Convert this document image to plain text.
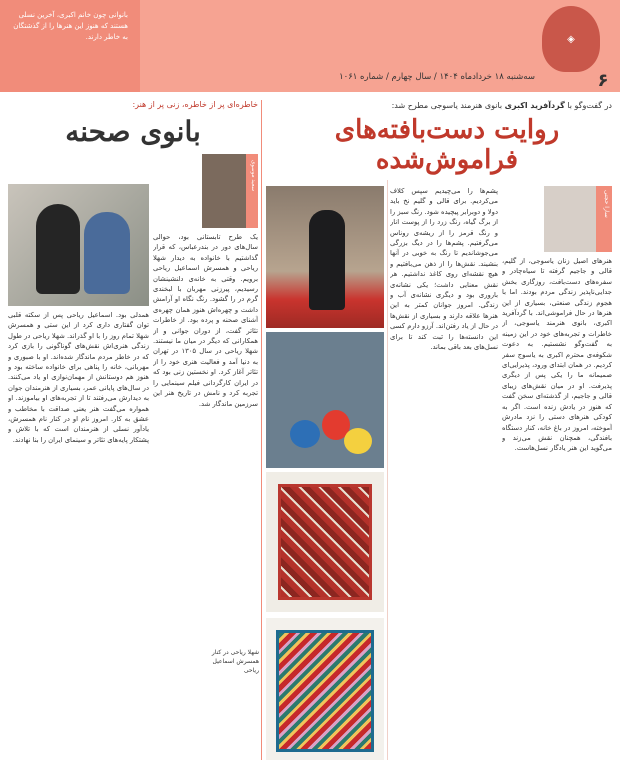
بانوانی چون خانم اکبری، آخرین نسلی هستند که هنوز این هنرها را از گذشتگان به خاطر دارند.	◈
۶
سه‌شنبه ۱۸ خردادماه ۱۴۰۴ / سال چهارم / شماره ۱۰۶۱
در گفت‌وگو با گردآفرید اکبری بانوی هنرمند یاسوجی مطرح شد:
روایت دست‌بافته‌های فراموش‌شده
سارا حجتی
هنرهای اصیل زنان یاسوجی، از گلیم، قالی و جاجیم گرفته تا سیاه‌چادر و سفره‌های دست‌بافت، روزگاری بخش جدایی‌ناپذیر زندگی مردم بودند. اما با هجوم زندگی صنعتی، بسیاری از این هنرها در حال فراموشی‌اند. با گردآفرید اکبری، بانوی هنرمند یاسوجی، از خاطرات و تجربه‌های خود در این زمینه به گفت‌وگو نشستیم. به دعوت شکوفه‌ی محترم اکبری به یاسوج سفر کردیم. در همان ابتدای ورود، پذیرایی‌ای صمیمانه ما را یکی پس از دیگری پذیرفت. او در میان نقش‌های زیبای قالی و جاجیم، از گذشته‌ای سخن گفت که هنوز در یادش زنده است. اگر به کودکی هنرهای دستی را نزد مادرش آموخته، امروز در باغ خانه، کنار دستگاه بافندگی، همچنان نقش می‌زند و می‌گوید این هنر یادگار نسل‌هاست.
پشم‌ها را می‌چیدیم سپس کلاف می‌کردیم. برای قالی و گلیم نخ باید دولا و دوبرابر پیچیده شود. رنگ سبز را از برگ گیاه، رنگ زرد را از پوست انار و رنگ قرمز را از ریشه‌ی روناس می‌گرفتیم. پشم‌ها را در دیگ بزرگی می‌جوشاندیم تا رنگ به خوبی در آنها بنشیند. نقش‌ها را از ذهن می‌بافتیم و هیچ نقشه‌ای روی کاغذ نداشتیم. هر نقش معنایی داشت؛ یکی نشانه‌ی باروری بود و دیگری نشانه‌ی آب و زندگی. امروز جوانان کمتر به این هنرها علاقه دارند و بسیاری از نقش‌ها در حال از یاد رفتن‌اند. آرزو دارم کسی این دانسته‌ها را ثبت کند تا برای نسل‌های بعد باقی بماند.
خاطره‌ای پر از خاطره، زنی پر از هنر:
بانوی صحنه
سعید موسوی
یک طرح تابستانی بود، حوالی سال‌های دور در بندرعباس، که قرار گذاشتیم با خانواده به دیدار شهلا ریاحی و همسرش اسماعیل ریاحی برویم. وقتی به خانه‌ی دلنشینشان رسیدیم، پیرزنی مهربان با لبخندی گرم در را گشود. رنگ نگاه او آرامش داشت و چهره‌اش هنوز همان چهره‌ی آشنای صحنه و پرده بود. از خاطرات تئاتر گفت، از دوران جوانی و از همکارانی که دیگر در میان ما نیستند. شهلا ریاحی در سال ۱۳۰۵ در تهران به دنیا آمد و فعالیت هنری خود را از تئاتر آغاز کرد. او نخستین زنی بود که در ایران کارگردانی فیلم سینمایی را تجربه کرد و نامش در تاریخ هنر این سرزمین ماندگار شد.
همدلی بود. اسماعیل ریاحی پس از سکته قلبی توان گفتاری داری کرد از این ستی و همسرش شهلا تمام روز را با او گذراند. شهلا ریاحی در طول زندگی هنری‌اش نقش‌های گوناگونی را بازی کرد که در خاطر مردم ماندگار شده‌اند. او با صبوری و مهربانی، خانه را پناهی برای خانواده ساخته بود و هنوز هم دوستانش از مهمان‌نوازی او یاد می‌کنند. در سال‌های پایانی عمر، بسیاری از هنرمندان جوان به دیدارش می‌رفتند تا از تجربه‌های او بیاموزند. او همواره می‌گفت هنر یعنی صداقت با مخاطب و عشق به کار. امروز نام او در کنار نام همسرش، یادآور نسلی از هنرمندان است که با تلاش و پشتکار پایه‌های تئاتر و سینمای ایران را بنا نهادند.
شهلا ریاحی در کنار همسرش اسماعیل ریاحی
